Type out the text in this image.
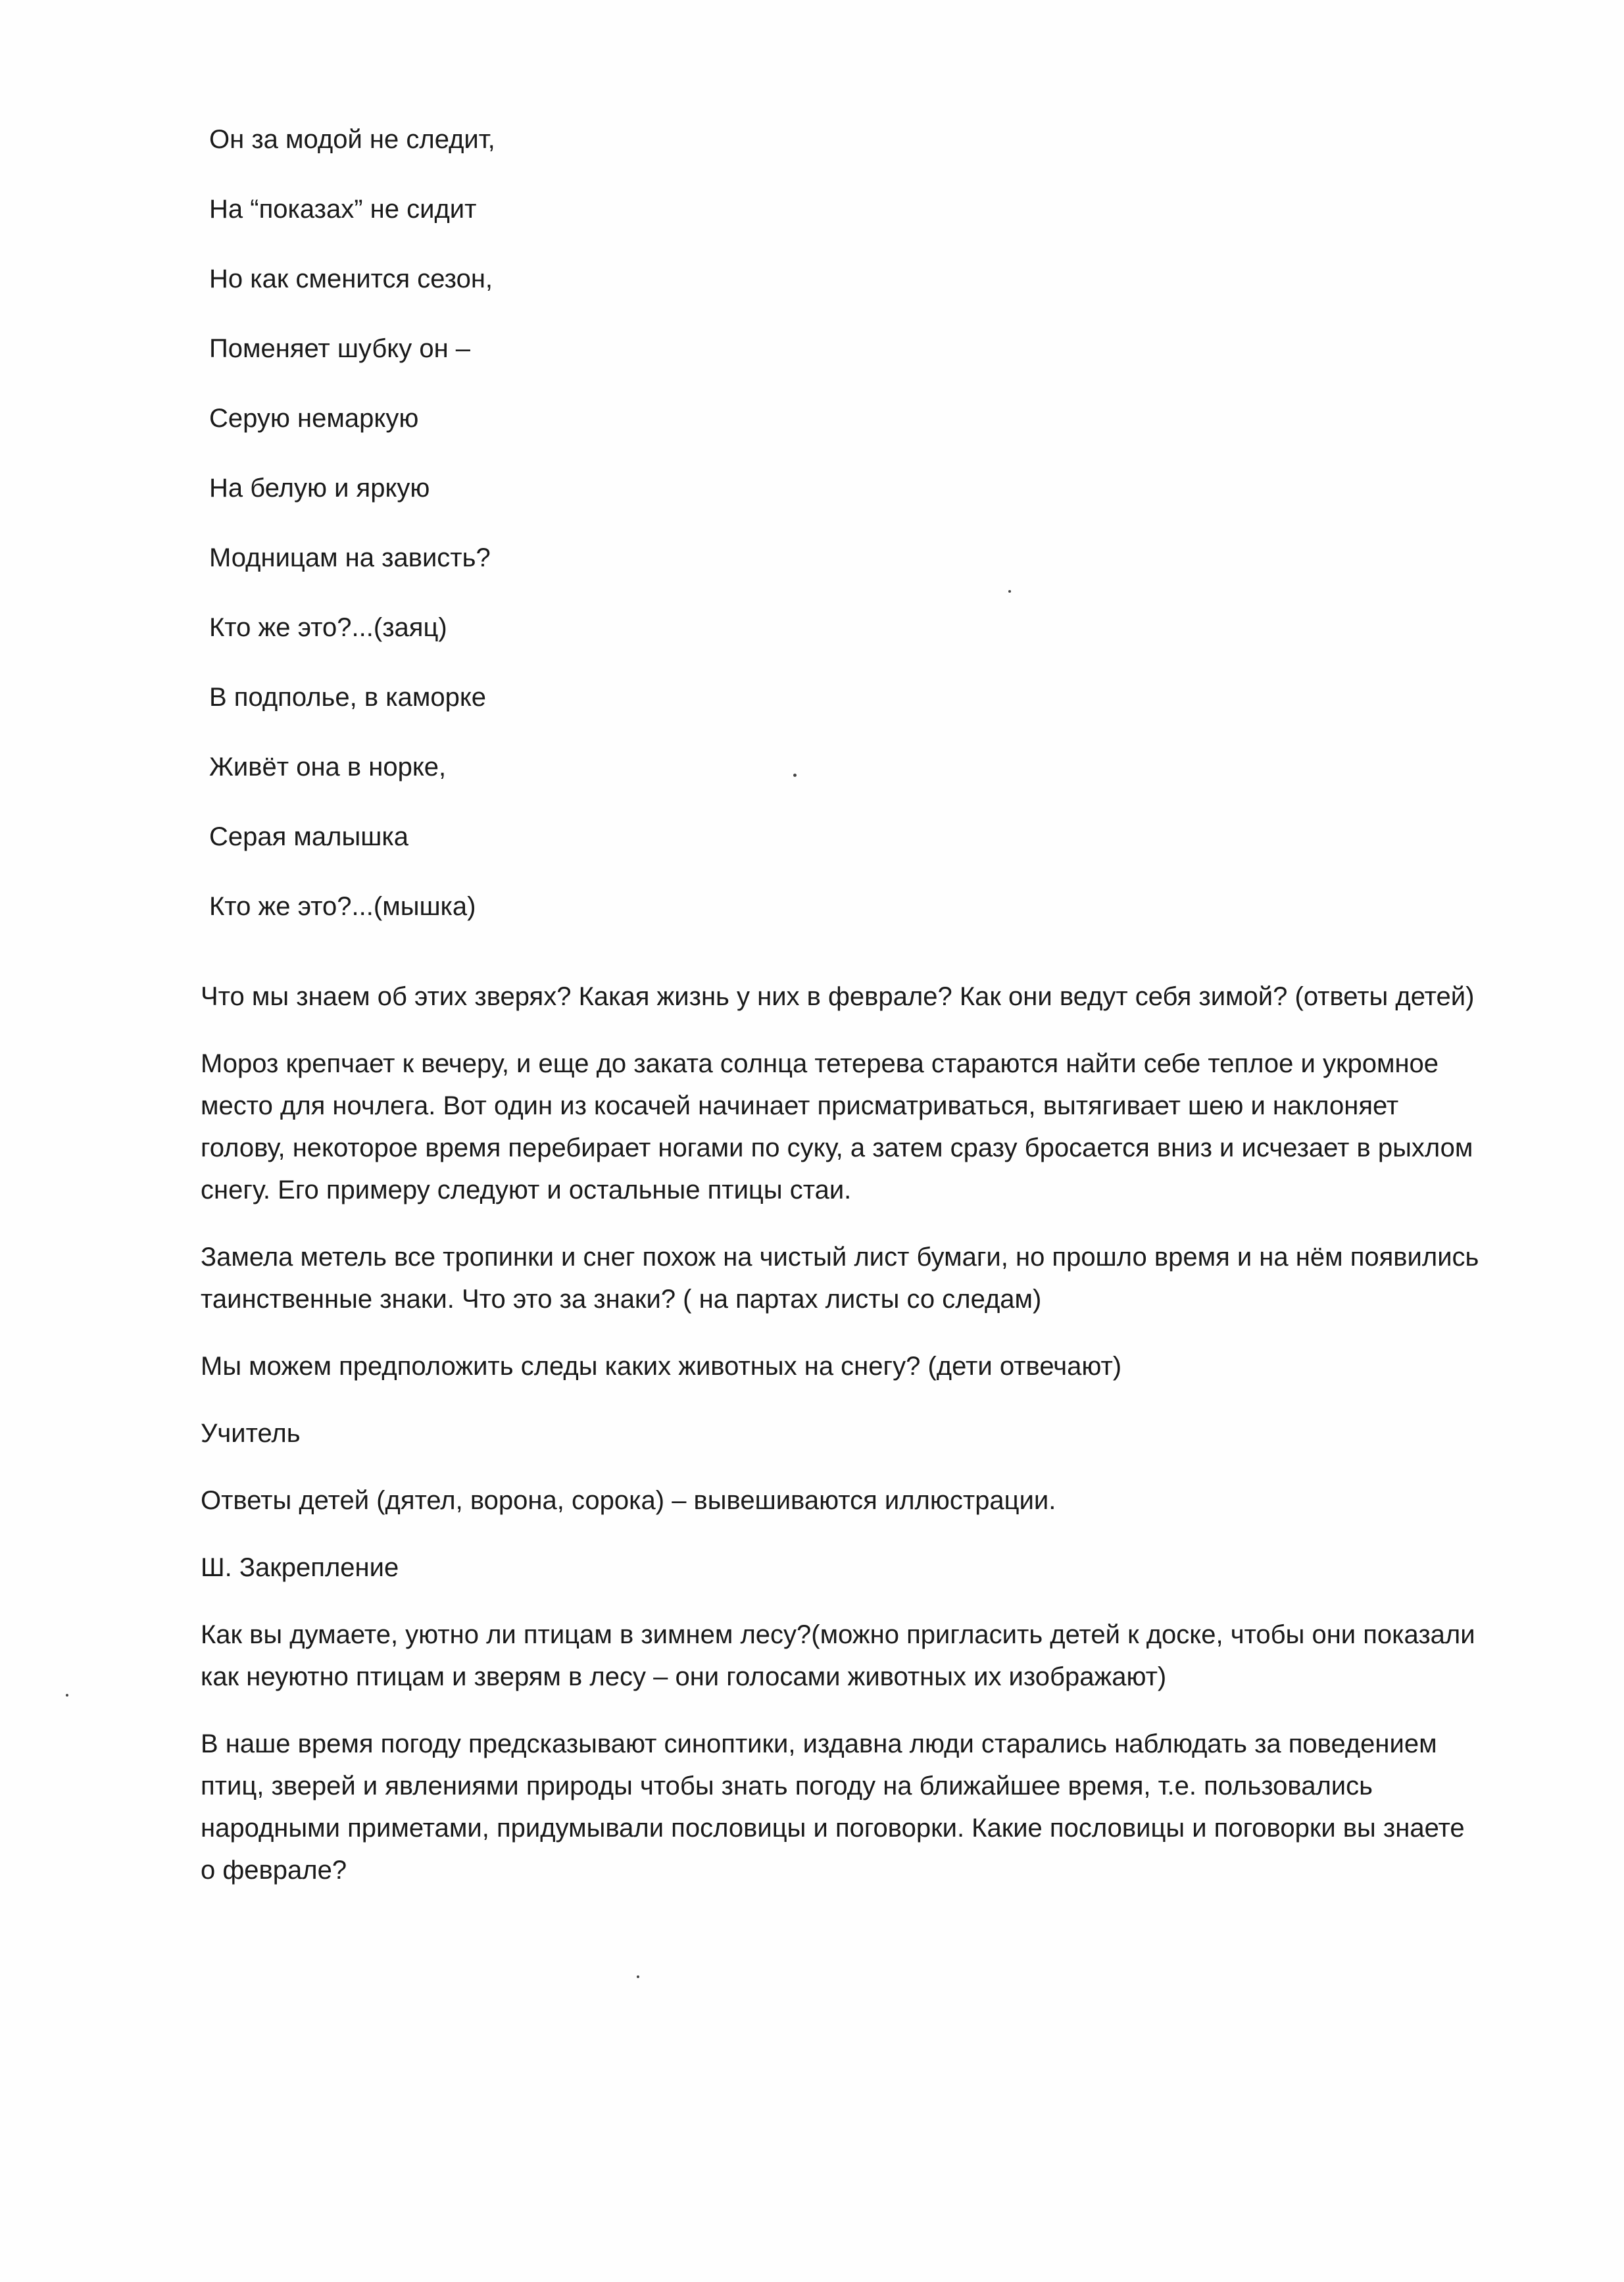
Он за модой не следит,
На “показах” не сидит
Но как сменится сезон,
Поменяет шубку он –
Серую немаркую
На белую и яркую
Модницам на зависть?
Кто же это?...(заяц)
В подполье, в каморке
Живёт она в норке,
Серая малышка
Кто же это?...(мышка)

Что мы знаем об этих зверях? Какая жизнь у них в феврале? Как они ведут себя зимой? (ответы детей)

Мороз крепчает к вечеру, и еще до заката солнца тетерева стараются найти себе теплое и укромное место для ночлега. Вот один из косачей начинает присматриваться, вытягивает шею и наклоняет голову, некоторое время перебирает ногами по суку, а затем сразу бросается вниз и исчезает в рыхлом снегу. Его примеру следуют и остальные птицы стаи.

Замела метель все тропинки и снег похож на чистый лист бумаги, но прошло время и на нём появились таинственные знаки. Что это за знаки? ( на партах листы со следам)

Мы можем предположить следы каких животных на снегу? (дети отвечают)

Учитель

Ответы детей (дятел, ворона, сорока) – вывешиваются иллюстрации.

Ш. Закрепление

Как вы думаете, уютно ли птицам в зимнем лесу?(можно пригласить детей к доске, чтобы они показали как неуютно птицам и зверям в лесу – они голосами животных их изображают)

В наше время погоду предсказывают синоптики, издавна люди старались наблюдать за поведением птиц, зверей и явлениями природы чтобы знать погоду на ближайшее время, т.е. пользовались народными приметами, придумывали пословицы и поговорки. Какие пословицы и поговорки вы знаете о феврале?
